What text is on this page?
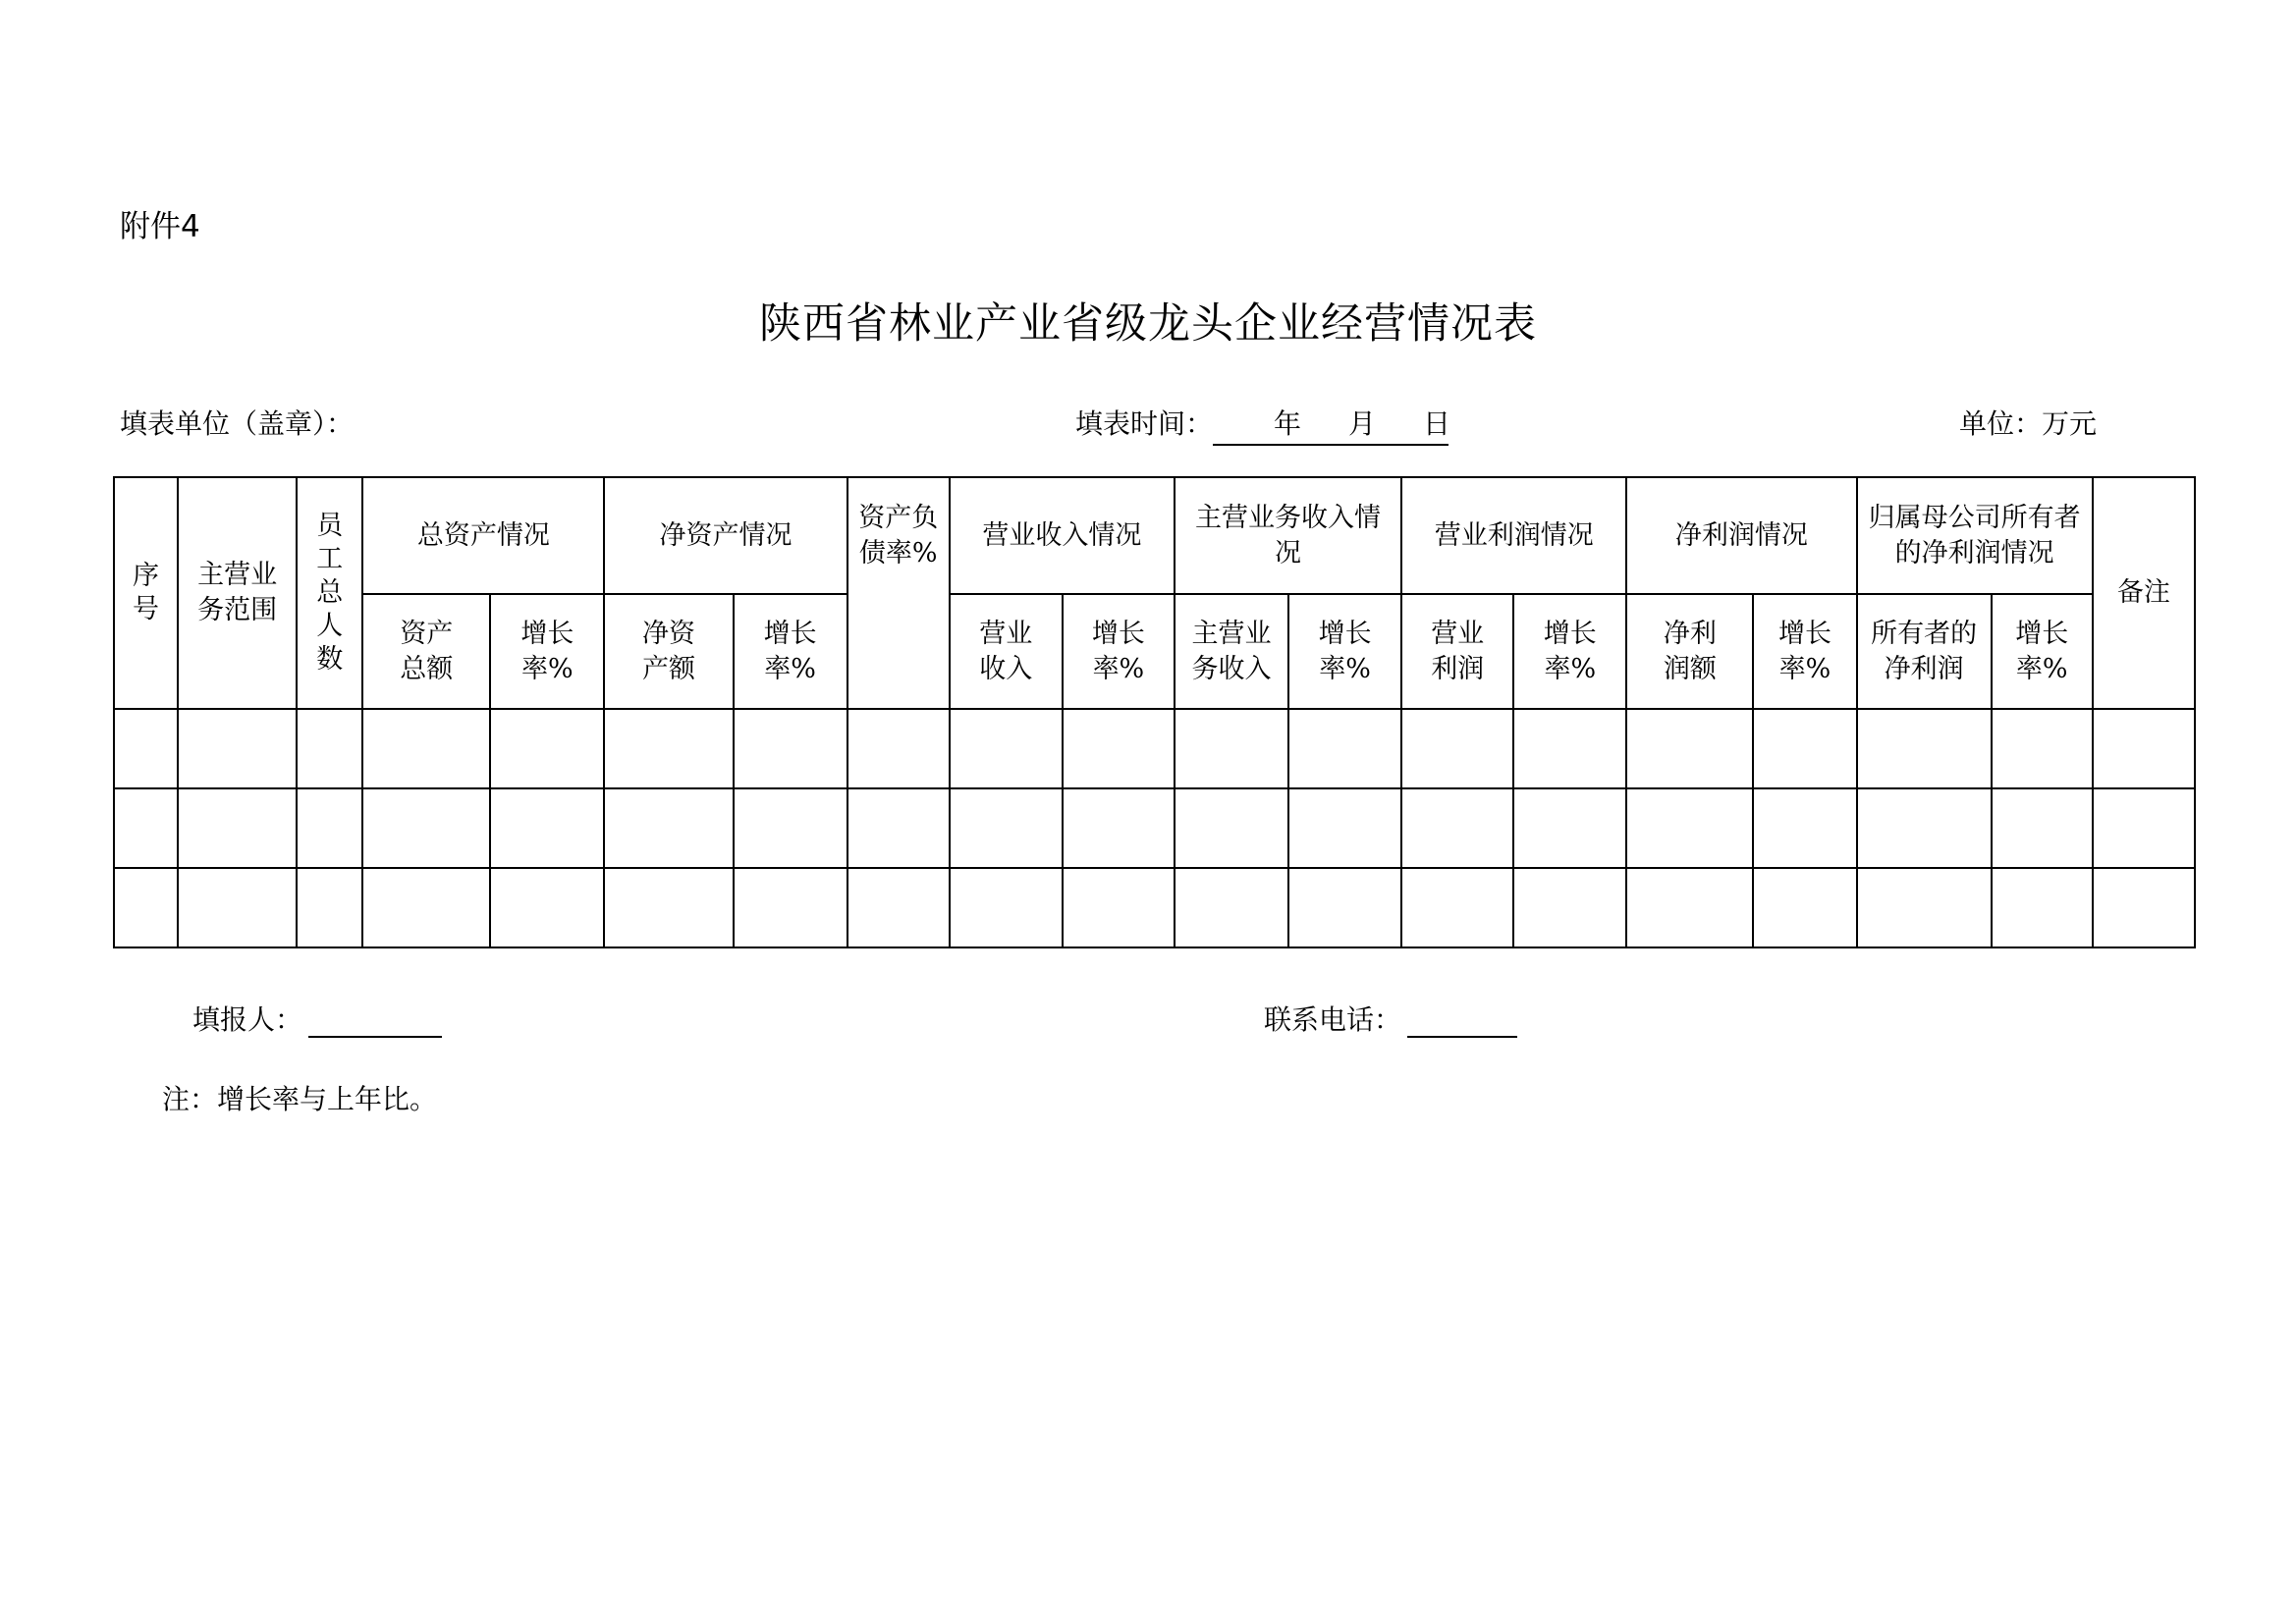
附件4
陕西省林业产业省级龙头企业经营情况表
填表单位（盖章）：	填表时间： 年 月 日	单位：万元
序号	主营业务范围	员工总人数	总资产情况		净资产情况		资产负债率%	营业收入情况		主营业务收入情况		营业利润情况		净利润情况		归属母公司所有者的净利润情况		备注
			资产总额	增长率%	净资产额	增长率%		营业收入	增长率%	主营业务收入	增长率%	营业利润	增长率%	净利润额	增长率%	所有者的净利润	增长率%	

填报人：	联系电话：
注：增长率与上年比。
